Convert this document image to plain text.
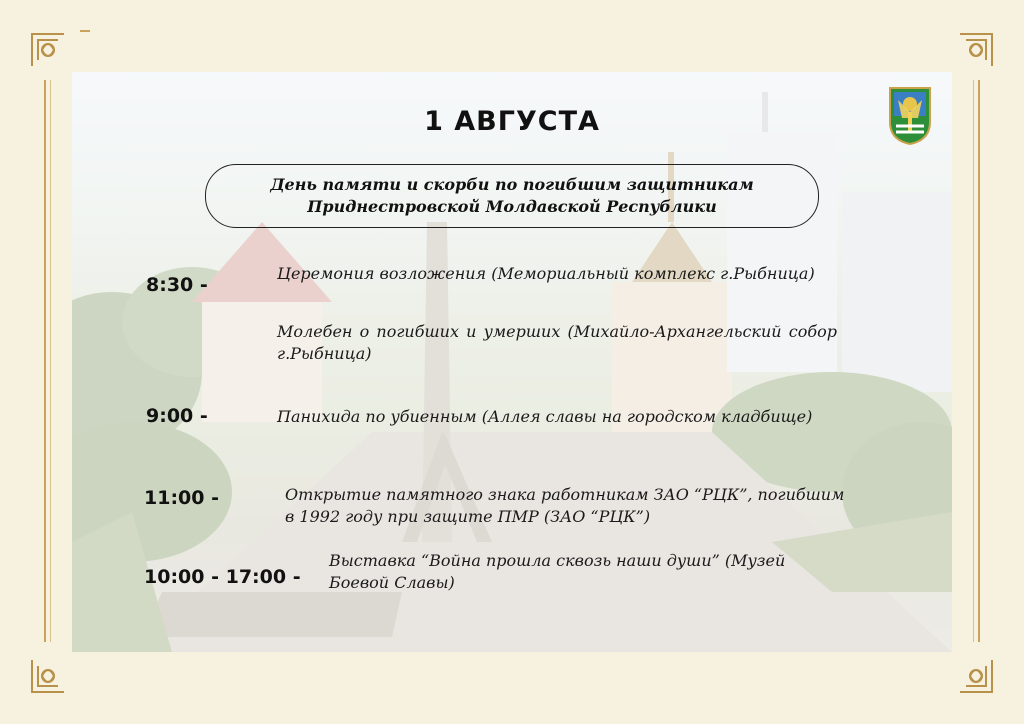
1 АВГУСТА
День памяти и скорби по погибшим защитникам
Приднестровской Молдавской Республики
8:30 -
Церемония возложения (Мемориальный комплекс г.Рыбница)
Молебен о погибших и умерших (Михайло-Архангельский собор г.Рыбница)
9:00 -	Панихида по убиенным (Аллея славы на городском кладбище)
11:00 -	Открытие памятного знака работникам ЗАО “РЦК”, погибшим в 1992 году при защите ПМР (ЗАО “РЦК”)
10:00 - 17:00 -
Выставка “Война прошла сквозь наши души” (Музей Боевой Славы)
